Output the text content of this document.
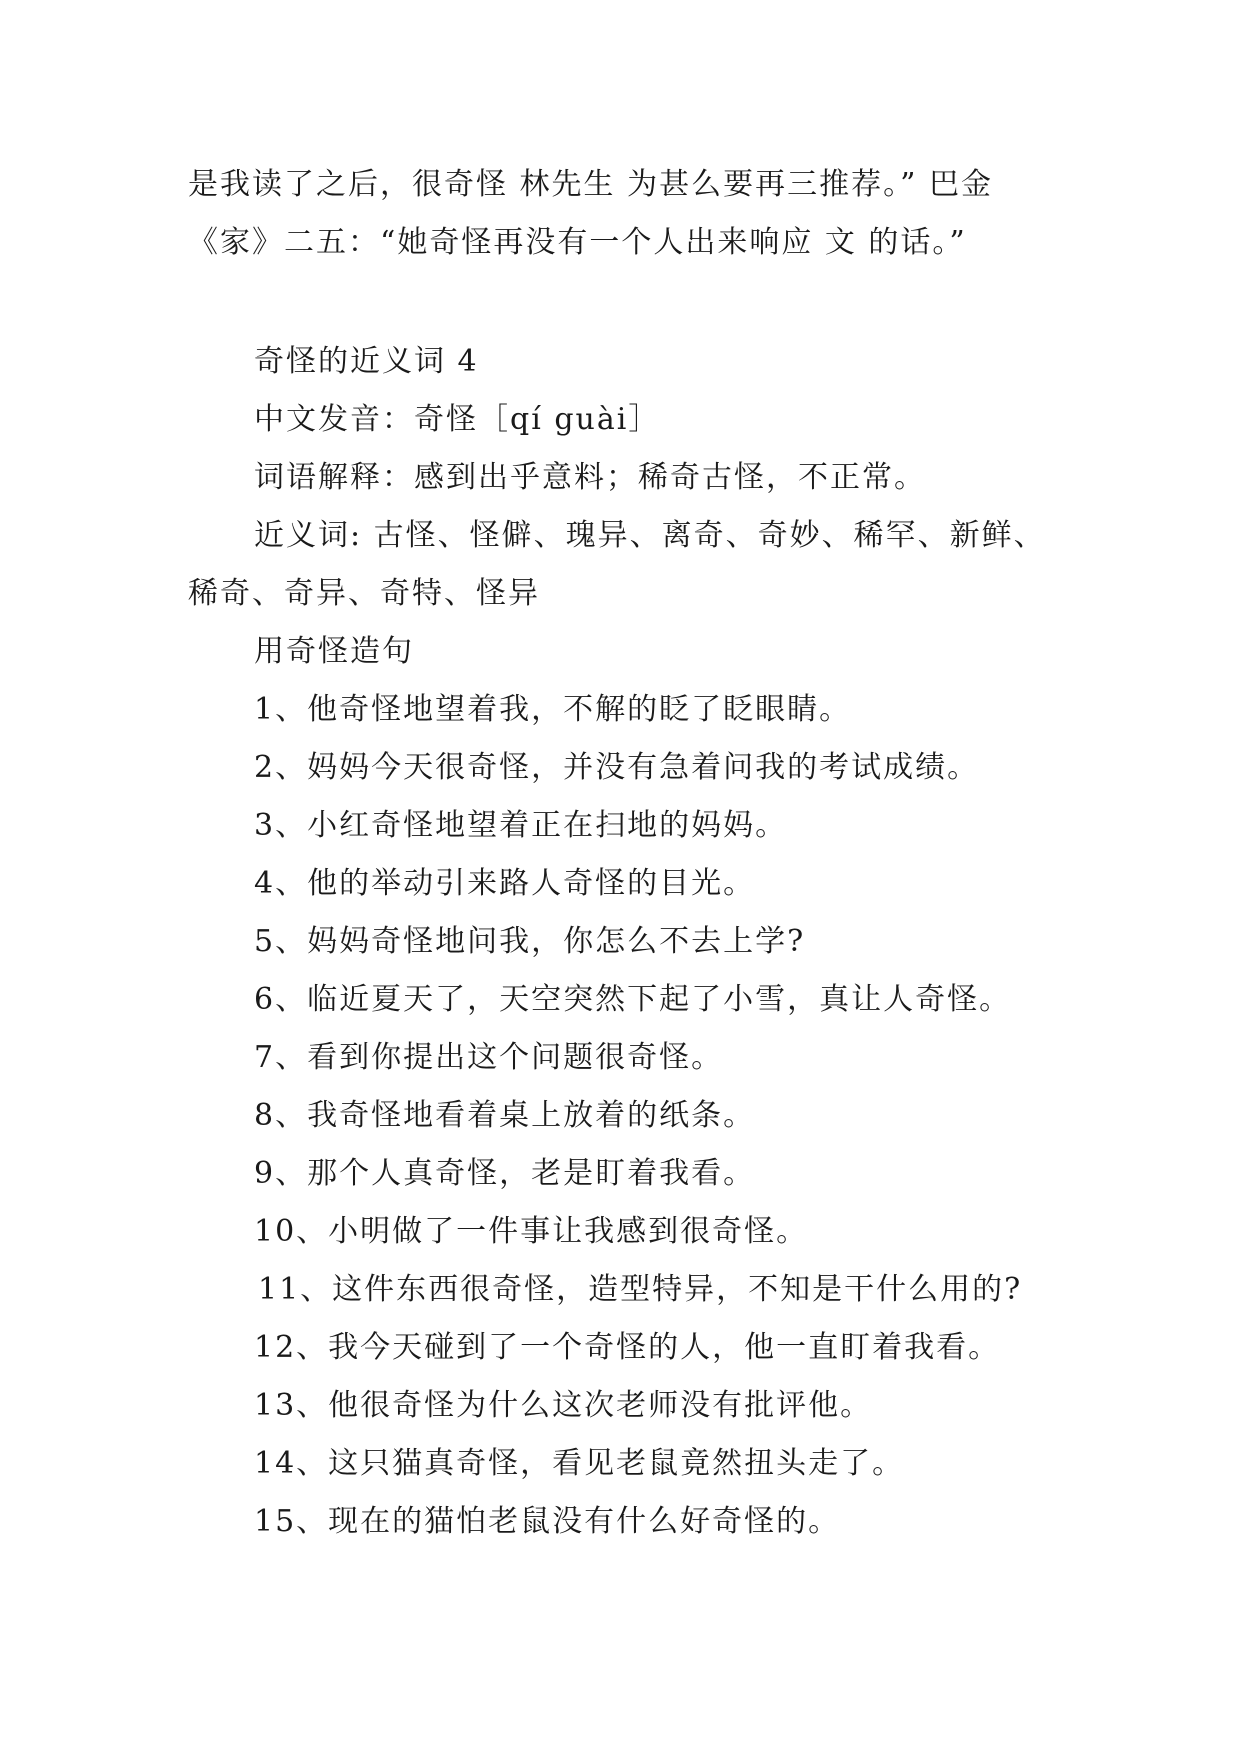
是我读了之后，很奇怪 林先生 为甚么要再三推荐。” 巴金
《家》二五：“她奇怪再没有一个人出来响应 文 的话。”
奇怪的近义词 4
中文发音：奇怪［qí guài］
词语解释：感到出乎意料；稀奇古怪，不正常。
近义词: 古怪、怪僻、瑰异、离奇、奇妙、稀罕、新鲜、
稀奇、奇异、奇特、怪异
用奇怪造句
1、他奇怪地望着我，不解的眨了眨眼睛。
2、妈妈今天很奇怪，并没有急着问我的考试成绩。
3、小红奇怪地望着正在扫地的妈妈。
4、他的举动引来路人奇怪的目光。
5、妈妈奇怪地问我，你怎么不去上学?
6、临近夏天了，天空突然下起了小雪，真让人奇怪。
7、看到你提出这个问题很奇怪。
8、我奇怪地看着桌上放着的纸条。
9、那个人真奇怪，老是盯着我看。
10、小明做了一件事让我感到很奇怪。
11、这件东西很奇怪，造型特异，不知是干什么用的?
12、我今天碰到了一个奇怪的人，他一直盯着我看。
13、他很奇怪为什么这次老师没有批评他。
14、这只猫真奇怪，看见老鼠竟然扭头走了。
15、现在的猫怕老鼠没有什么好奇怪的。
